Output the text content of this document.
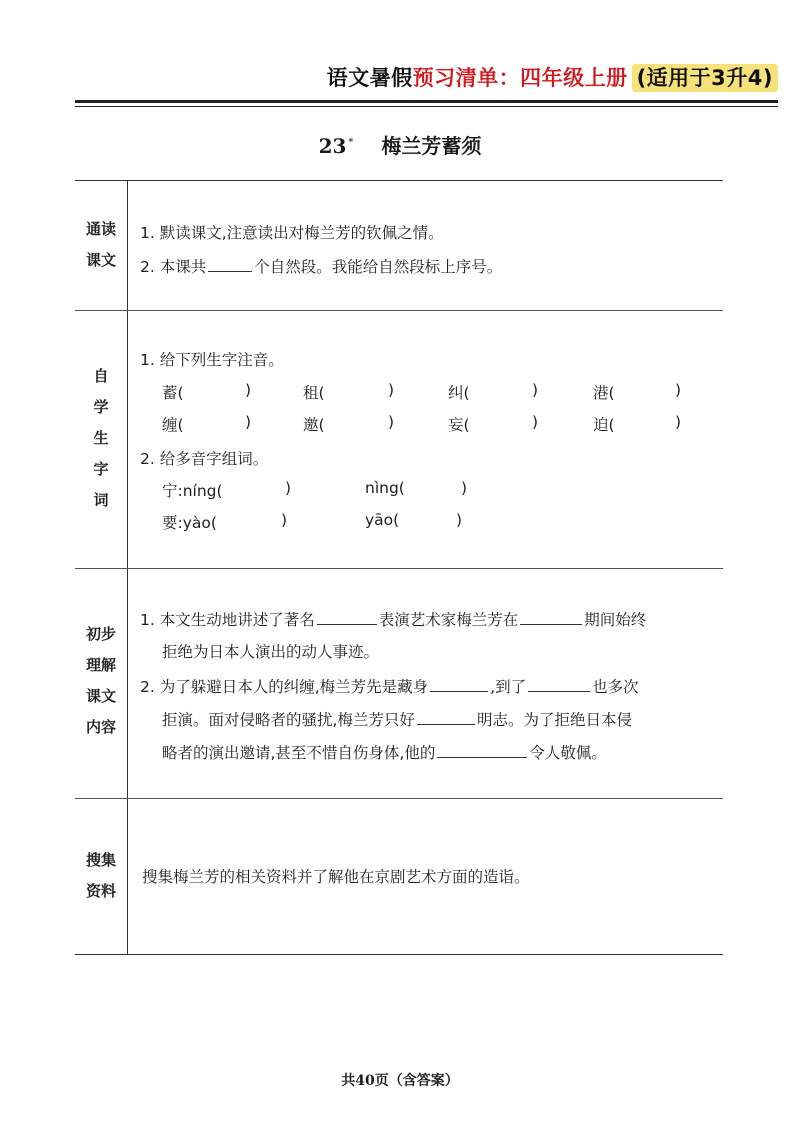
语文暑假预习清单：四年级上册 (适用于3升4)
23 * 梅兰芳蓄须
通读
课文
1. 默读课文,注意读出对梅兰芳的钦佩之情。
2. 本课共	个自然段。我能给自然段标上序号。
自
学
生
字
词
1. 给下列生字注音。
蓄(	)	租(	)	纠(	)	港(	)
缠(	)	邀(	)	妄(	)	迫(	)
2. 给多音字组词。
宁:níng(	)	nìng(	)
要:yào(	)	yāo(	)
初步
理解
课文
内容
1. 本文生动地讲述了著名	表演艺术家梅兰芳在	期间始终
拒绝为日本人演出的动人事迹。
2. 为了躲避日本人的纠缠,梅兰芳先是藏身	,到了	也多次
拒演。面对侵略者的骚扰,梅兰芳只好	明志。为了拒绝日本侵
略者的演出邀请,甚至不惜自伤身体,他的	令人敬佩。
搜集
资料
搜集梅兰芳的相关资料并了解他在京剧艺术方面的造诣。
共40页（含答案）
